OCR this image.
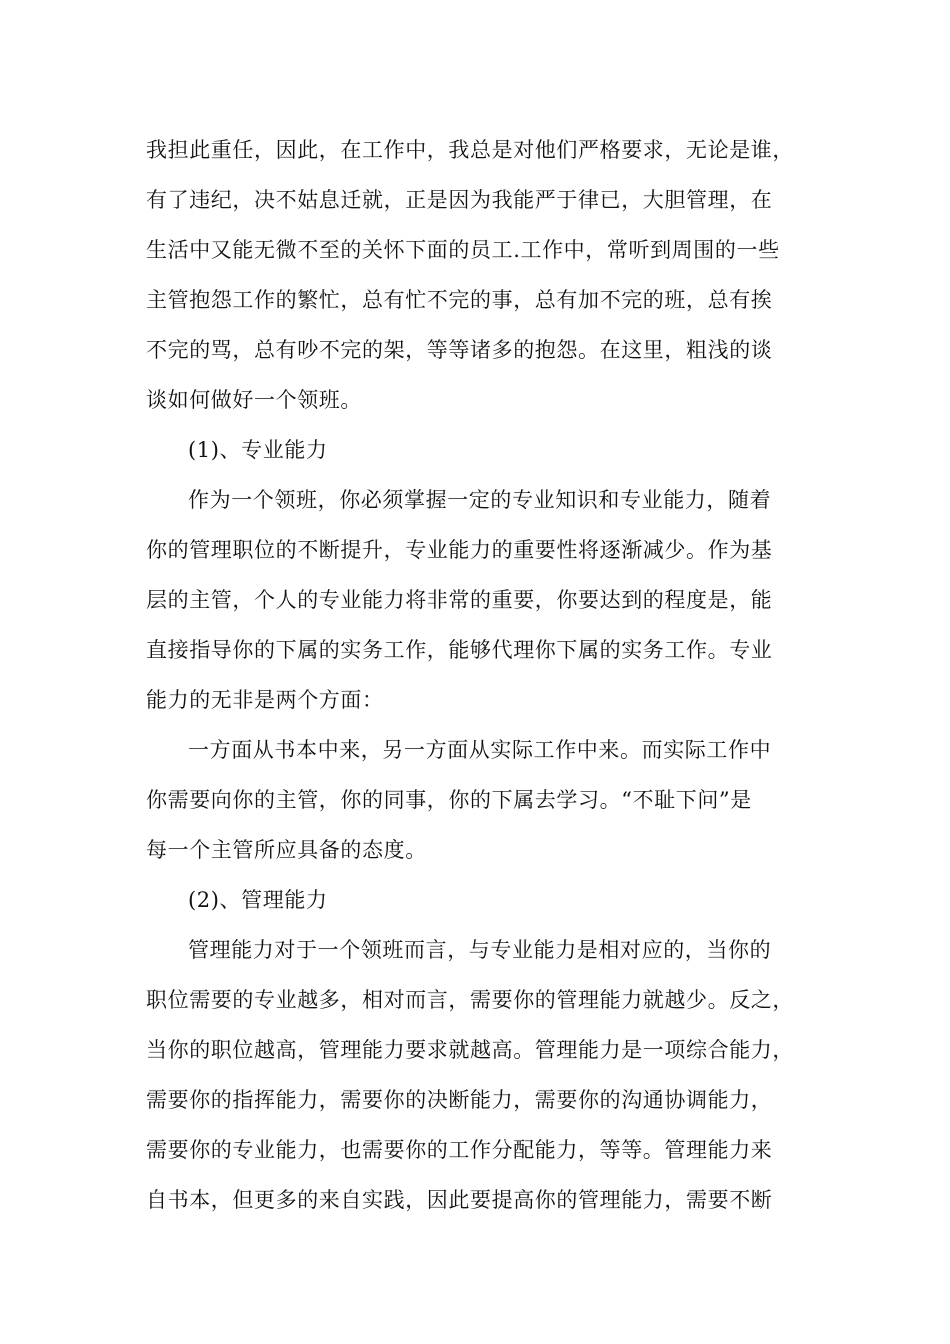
我担此重任，因此，在工作中，我总是对他们严格要求，无论是谁，
有了违纪，决不姑息迁就，正是因为我能严于律已，大胆管理，在
生活中又能无微不至的关怀下面的员工.工作中，常听到周围的一些
主管抱怨工作的繁忙，总有忙不完的事，总有加不完的班，总有挨
不完的骂，总有吵不完的架，等等诸多的抱怨。在这里，粗浅的谈
谈如何做好一个领班。
(1)、专业能力
作为一个领班，你必须掌握一定的专业知识和专业能力，随着
你的管理职位的不断提升，专业能力的重要性将逐渐减少。作为基
层的主管，个人的专业能力将非常的重要，你要达到的程度是，能
直接指导你的下属的实务工作，能够代理你下属的实务工作。专业
能力的无非是两个方面：
一方面从书本中来，另一方面从实际工作中来。而实际工作中
你需要向你的主管，你的同事，你的下属去学习。“不耻下问”是
每一个主管所应具备的态度。
(2)、管理能力
管理能力对于一个领班而言，与专业能力是相对应的，当你的
职位需要的专业越多，相对而言，需要你的管理能力就越少。反之，
当你的职位越高，管理能力要求就越高。管理能力是一项综合能力，
需要你的指挥能力，需要你的决断能力，需要你的沟通协调能力，
需要你的专业能力，也需要你的工作分配能力，等等。管理能力来
自书本，但更多的来自实践，因此要提高你的管理能力，需要不断
